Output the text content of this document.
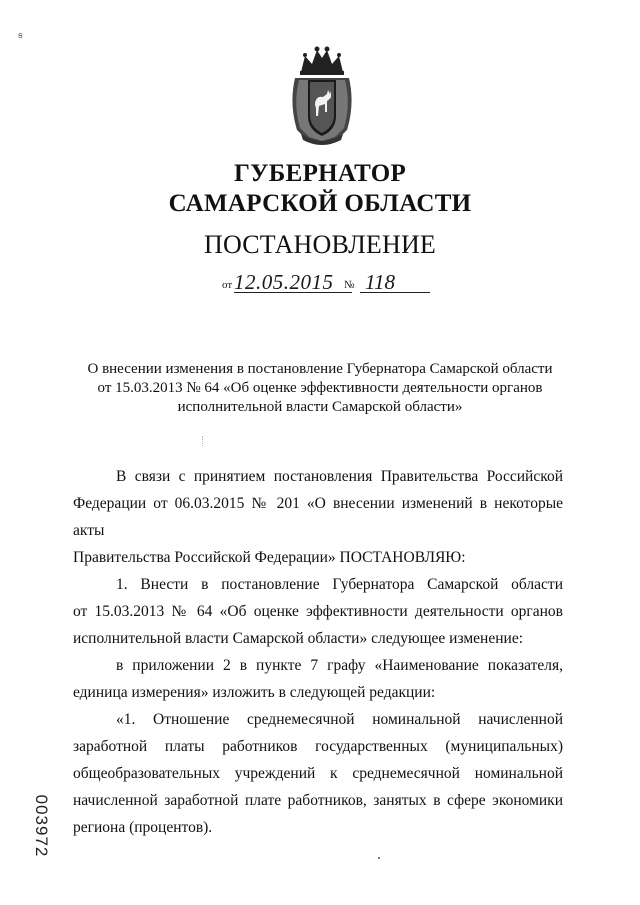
ꞩ
ГУБЕРНАТОР
САМАРСКОЙ ОБЛАСТИ
ПОСТАНОВЛЕНИЕ
от 12.05.2015 № 118
О внесении изменения в постановление Губернатора Самарской области
от 15.03.2013 № 64 «Об оценке эффективности деятельности органов
исполнительной власти Самарской области»
В связи с принятием постановления Правительства Российской
Федерации от 06.03.2015 № 201 «О внесении изменений в некоторые акты
Правительства Российской Федерации» ПОСТАНОВЛЯЮ:
1. Внести в постановление Губернатора Самарской области
от 15.03.2013 № 64 «Об оценке эффективности деятельности органов
исполнительной власти Самарской области» следующее изменение:
в приложении 2 в пункте 7 графу «Наименование показателя,
единица измерения» изложить в следующей редакции:
«1. Отношение среднемесячной номинальной начисленной
заработной платы работников государственных (муниципальных)
общеобразовательных учреждений к среднемесячной номинальной
начисленной заработной плате работников, занятых в сфере экономики
региона (процентов).
003972
